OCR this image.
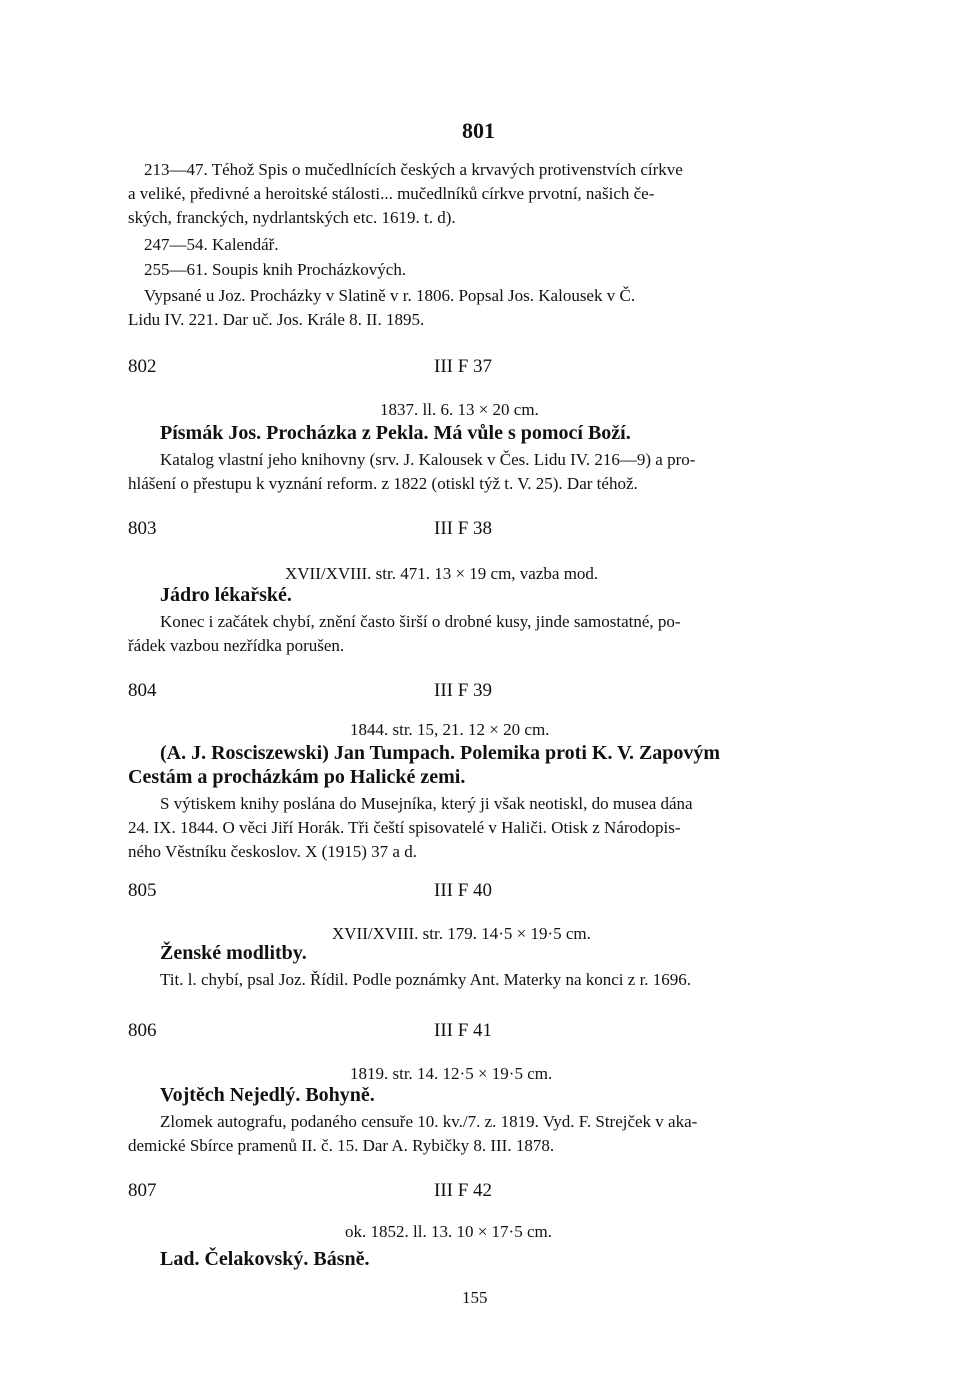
801
213—47. Téhož Spis o mučedlnících českých a krvavých protivenstvích církve
a veliké, předivné a heroitské stálosti... mučedlníků církve prvotní, našich če-
ských, franckých, nydrlantských etc. 1619. t. d).
247—54. Kalendář.
255—61. Soupis knih Procházkových.
Vypsané u Joz. Procházky v Slatině v r. 1806. Popsal Jos. Kalousek v Č.
Lidu IV. 221. Dar uč. Jos. Krále 8. II. 1895.
802	III F 37
1837. ll. 6. 13 × 20 cm.
Písmák Jos. Procházka z Pekla. Má vůle s pomocí Boží.
Katalog vlastní jeho knihovny (srv. J. Kalousek v Čes. Lidu IV. 216—9) a pro-
hlášení o přestupu k vyznání reform. z 1822 (otiskl týž t. V. 25). Dar téhož.
803	III F 38
XVII/XVIII. str. 471. 13 × 19 cm, vazba mod.
Jádro lékařské.
Konec i začátek chybí, znění často širší o drobné kusy, jinde samostatné, po-
řádek vazbou nezřídka porušen.
804	III F 39
1844. str. 15, 21. 12 × 20 cm.
(A. J. Rosciszewski) Jan Tumpach. Polemika proti K. V. Zapovým
Cestám a procházkám po Halické zemi.
S výtiskem knihy poslána do Musejníka, který ji však neotiskl, do musea dána
24. IX. 1844. O věci Jiří Horák. Tři čeští spisovatelé v Haliči. Otisk z Národopis-
ného Věstníku českoslov. X (1915) 37 a d.
805	III F 40
XVII/XVIII. str. 179. 14·5 × 19·5 cm.
Ženské modlitby.
Tit. l. chybí, psal Joz. Řídil. Podle poznámky Ant. Materky na konci z r. 1696.
806	III F 41
1819. str. 14. 12·5 × 19·5 cm.
Vojtěch Nejedlý. Bohyně.
Zlomek autografu, podaného censuře 10. kv./7. z. 1819. Vyd. F. Strejček v aka-
demické Sbírce pramenů II. č. 15. Dar A. Rybičky 8. III. 1878.
807	III F 42
ok. 1852. ll. 13. 10 × 17·5 cm.
Lad. Čelakovský. Básně.
155
